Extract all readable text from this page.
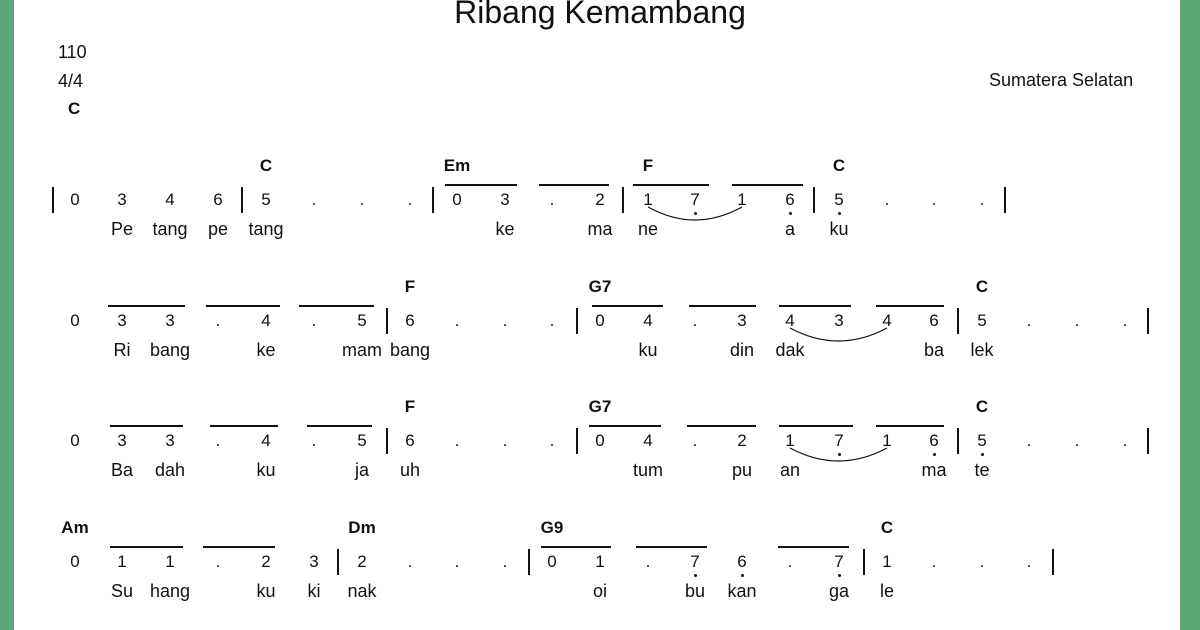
Ribang Kemambang
110
4/4
C
Sumatera Selatan
C	Em	F	C
0 3 4 6 5 .	.	. 0 3 . 2 1 7 1 6 5 . .	.
Pe tang pe tang	ke	ma ne	a ku
F	G7	C
0 3 3 . 4 . 5 6 .	. . 0 4 . 3 4 3 4 6 5 .	.	.
Ri bang	ke	mam bang	ku	din dak	ba lek
F	G7	C
0 3 3 . 4 . 5 6 .	. . 0 4 . 2 1 7 1 6 5 .	.	.
Ba dah	ku	ja uh	tum	pu an	ma te
Am	Dm	G9	C
0 1 1 . 2 3 2 . .	. 0 1 . 7 6 . 7 1 .	. .
Su hang	ku ki nak	oi	bu kan	ga le
